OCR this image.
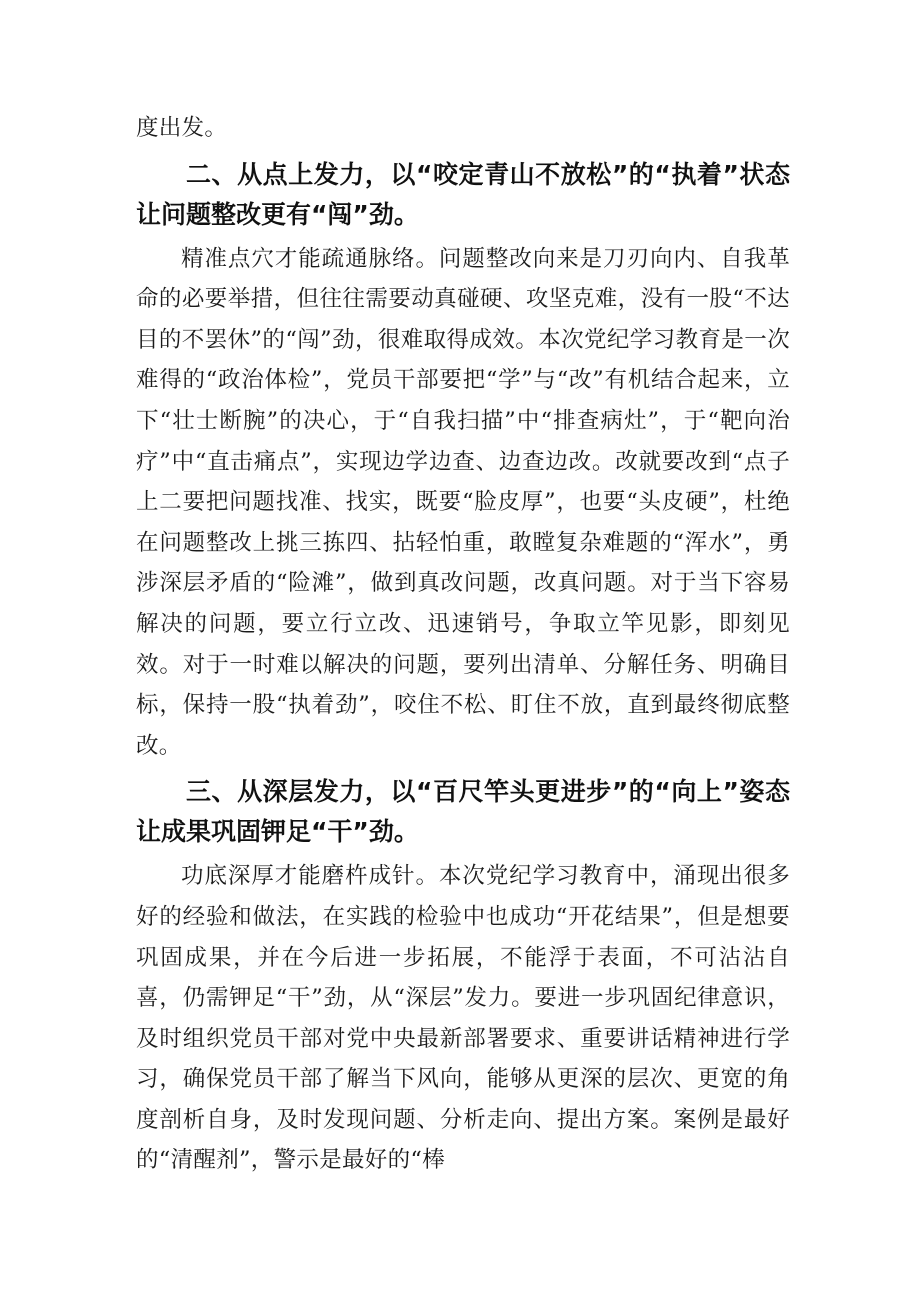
度出发。

二、从点上发力，以“咬定青山不放松”的“执着”状态让问题整改更有“闯”劲。

精准点穴才能疏通脉络。问题整改向来是刀刃向内、自我革命的必要举措，但往往需要动真碰硬、攻坚克难，没有一股“不达目的不罢休”的“闯”劲，很难取得成效。本次党纪学习教育是一次难得的“政治体检”，党员干部要把“学”与“改”有机结合起来，立下“壮士断腕”的决心，于“自我扫描”中“排查病灶”，于“靶向治疗”中“直击痛点”，实现边学边查、边查边改。改就要改到“点子上二要把问题找准、找实，既要“脸皮厚”，也要“头皮硬”，杜绝在问题整改上挑三拣四、拈轻怕重，敢瞠复杂难题的“浑水”，勇涉深层矛盾的“险滩”，做到真改问题，改真问题。对于当下容易解决的问题，要立行立改、迅速销号，争取立竿见影，即刻见效。对于一时难以解决的问题，要列出清单、分解任务、明确目标，保持一股“执着劲”，咬住不松、盯住不放，直到最终彻底整改。

三、从深层发力，以“百尺竿头更进步”的“向上”姿态让成果巩固钾足“干”劲。

功底深厚才能磨杵成针。本次党纪学习教育中，涌现出很多好的经验和做法，在实践的检验中也成功“开花结果”，但是想要巩固成果，并在今后进一步拓展，不能浮于表面，不可沾沾自喜，仍需钾足“干”劲，从“深层”发力。要进一步巩固纪律意识，及时组织党员干部对党中央最新部署要求、重要讲话精神进行学习，确保党员干部了解当下风向，能够从更深的层次、更宽的角度剖析自身，及时发现问题、分析走向、提出方案。案例是最好的“清醒剂”，警示是最好的“棒
